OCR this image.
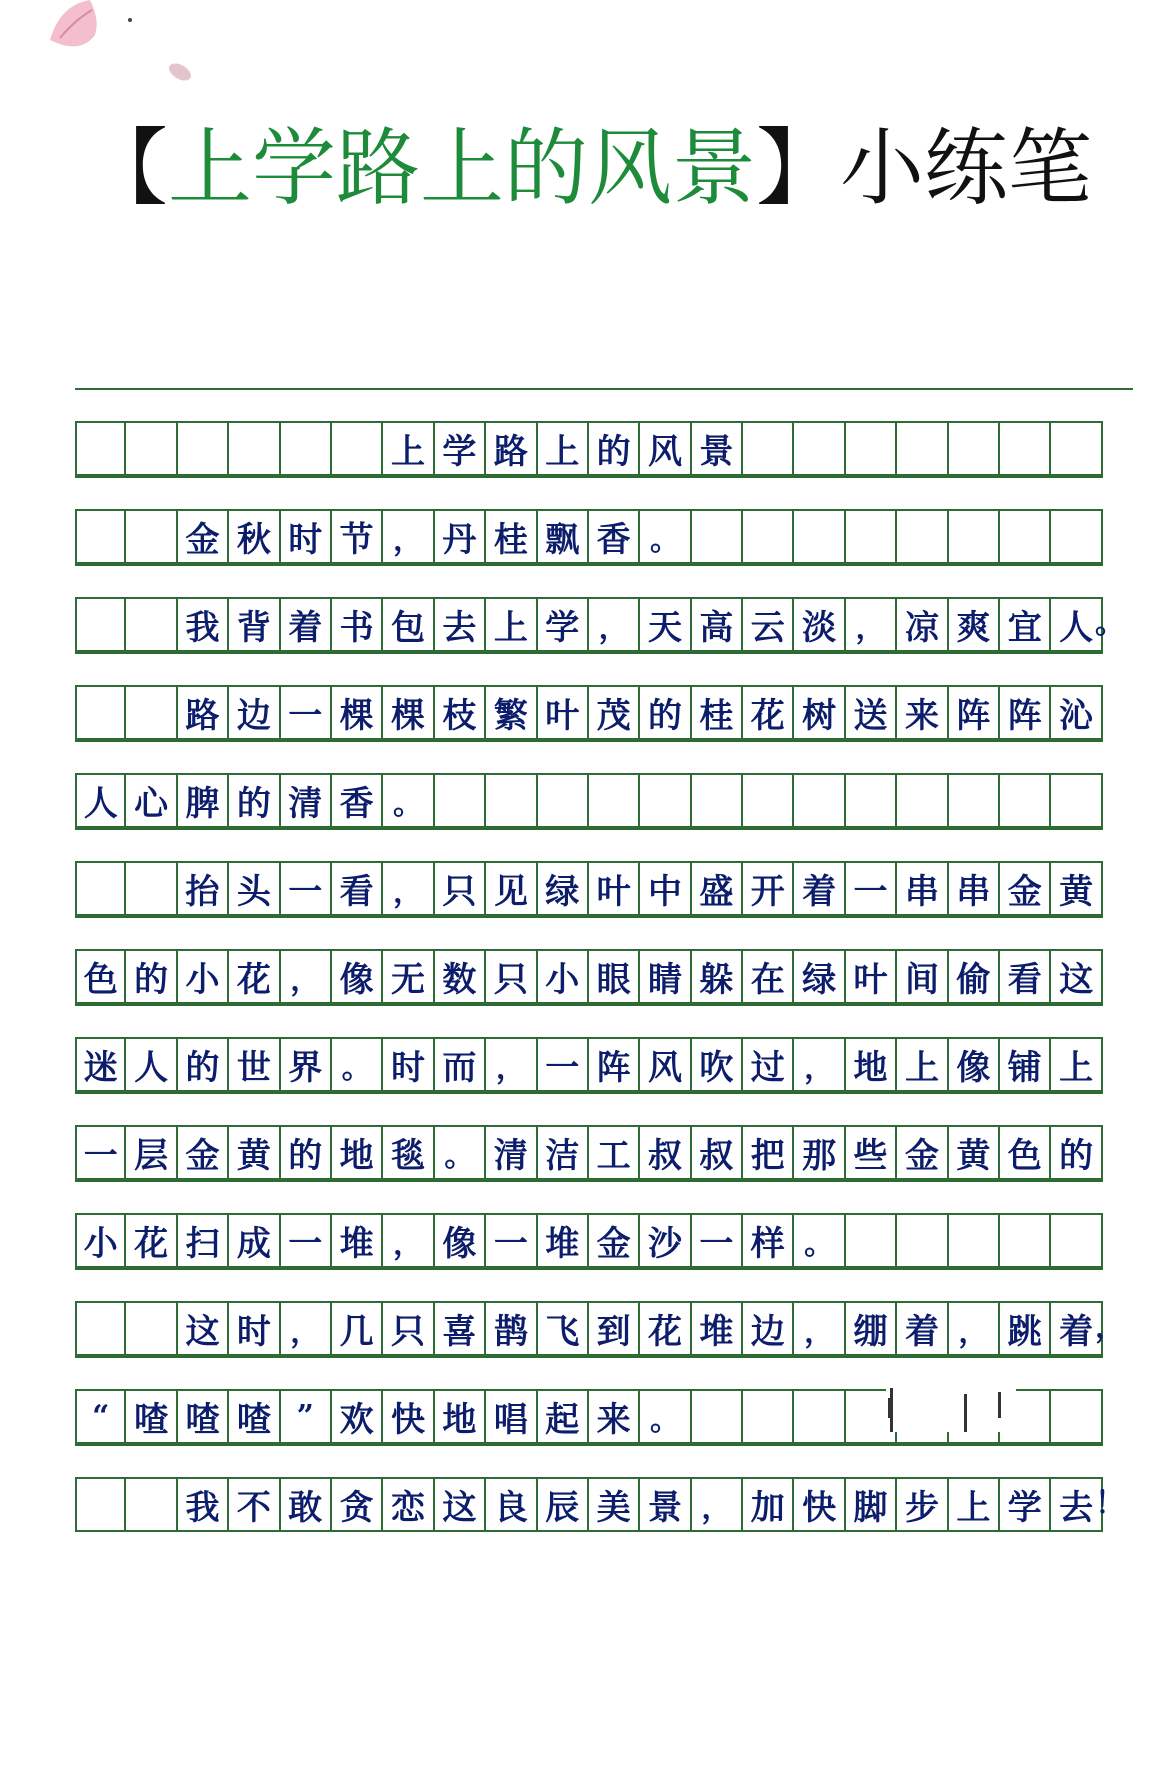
【上学路上的风景】小练笔
上 学 路 上 的 风 景
金 秋 时 节 ， 丹 桂 飘 香 。
我 背 着 书 包 去 上 学 ， 天 高 云 淡 ， 凉 爽 宜 人 。
路 边 一 棵 棵 枝 繁 叶 茂 的 桂 花 树 送 来 阵 阵 沁
人 心 脾 的 清 香 。
抬 头 一 看 ， 只 见 绿 叶 中 盛 开 着 一 串 串 金 黄
色 的 小 花 ， 像 无 数 只 小 眼 睛 躲 在 绿 叶 间 偷 看 这
迷 人 的 世 界 。 时 而 ， 一 阵 风 吹 过 ， 地 上 像 铺 上
一 层 金 黄 的 地 毯 。 清 洁 工 叔 叔 把 那 些 金 黄 色 的
小 花 扫 成 一 堆 ， 像 一 堆 金 沙 一 样 。
这 时 ， 几 只 喜 鹊 飞 到 花 堆 边 ， 绷 着 ， 跳 着 ，
“ 喳 喳 喳 ” 欢 快 地 唱 起 来 。
我 不 敢 贪 恋 这 良 辰 美 景 ， 加 快 脚 步 上 学 去 ！
